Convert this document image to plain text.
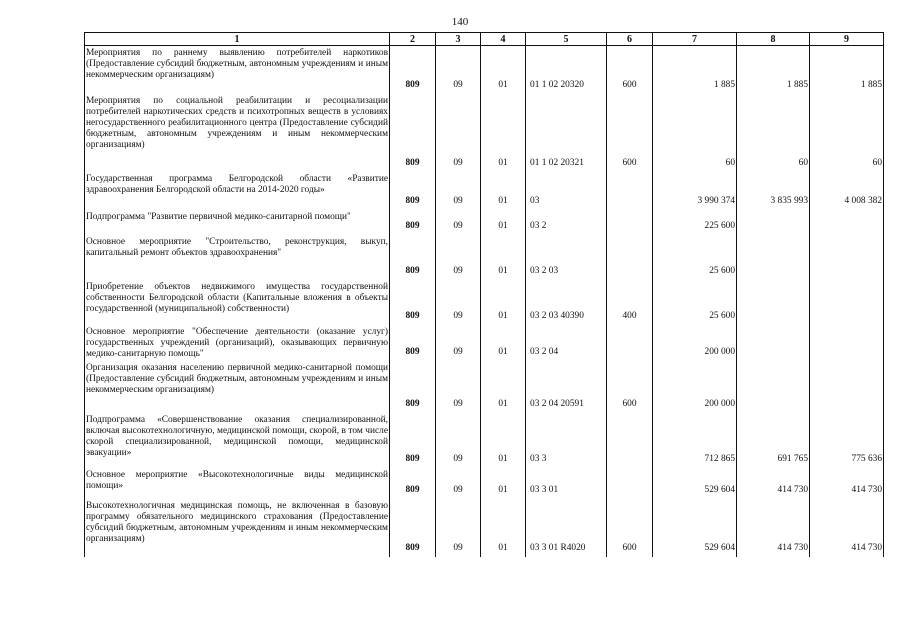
140
1	2	3	4	5	6	7	8	9

Мероприятия по раннему выявлению потребителей наркотиков (Предоставление субсидий бюджетным, автономным учреждениям и иным некоммерческим организациям)	809	09	01	01 1 02 20320	600	1 885	1 885	1 885

Мероприятия по социальной реабилитации и ресоциализации потребителей наркотических средств и психотропных веществ в условиях негосударственного реабилитационного центра (Предоставление субсидий бюджетным, автономным учреждениям и иным некоммерческим организациям)	809	09	01	01 1 02 20321	600	60	60	60

Государственная программа Белгородской области «Развитие здравоохранения Белгородской области на 2014-2020 годы»	809	09	01	03		3 990 374	3 835 993	4 008 382

Подпрограмма "Развитие первичной медико-санитарной помощи"	809	09	01	03 2		225 600		

Основное мероприятие "Строительство, реконструкция, выкуп, капитальный ремонт объектов здравоохранения"	809	09	01	03 2 03		25 600		

Приобретение объектов недвижимого имущества государственной собственности Белгородской области (Капитальные вложения в объекты государственной (муниципальной) собственности)	809	09	01	03 2 03 40390	400	25 600		

Основное мероприятие "Обеспечение деятельности (оказание услуг) государственных учреждений (организаций), оказывающих первичную медико-санитарную помощь"	809	09	01	03 2 04		200 000		

Организация оказания населению первичной медико-санитарной помощи (Предоставление субсидий бюджетным, автономным учреждениям и иным некоммерческим организациям)	809	09	01	03 2 04 20591	600	200 000		

Подпрограмма «Совершенствование оказания специализированной, включая высокотехнологичную, медицинской помощи, скорой, в том числе скорой специализированной, медицинской помощи, медицинской эвакуации»	809	09	01	03 3		712 865	691 765	775 636

Основное мероприятие «Высокотехнологичные виды медицинской помощи»	809	09	01	03 3 01		529 604	414 730	414 730

Высокотехнологичная медицинская помощь, не включенная в базовую программу обязательного медицинского страхования (Предоставление субсидий бюджетным, автономным учреждениям и иным некоммерческим организациям)	809	09	01	03 3 01 R4020	600	529 604	414 730	414 730
